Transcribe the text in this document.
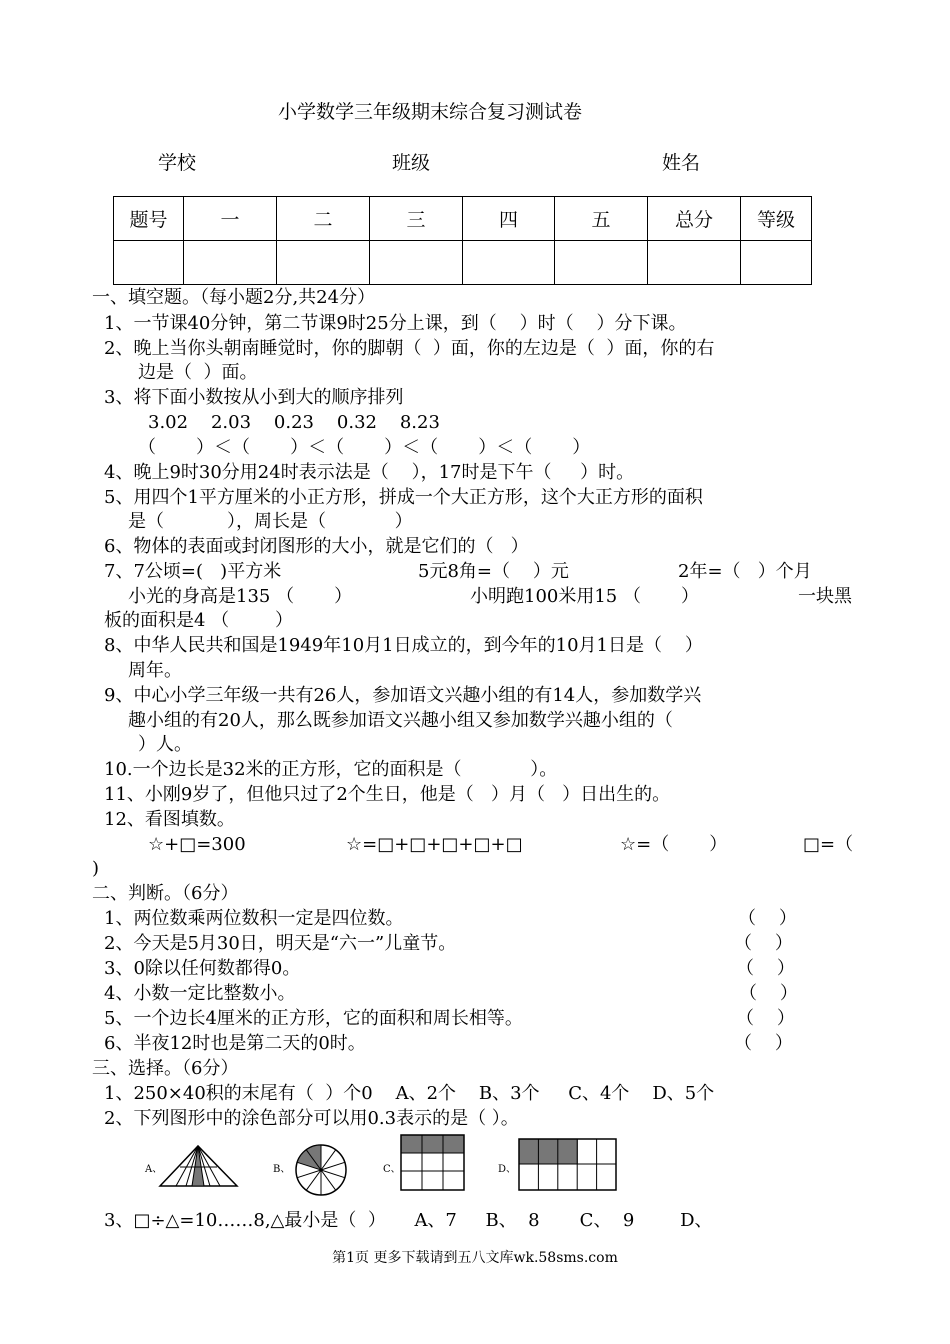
小学数学三年级期末综合复习测试卷
学校	班级	姓名
题号	一	二	三	四	五	总分	等级

一、填空题。（每小题2分,共24分）
1、一节课40分钟，第二节课9时25分上课，到（    ）时（    ）分下课。
2、晚上当你头朝南睡觉时，你的脚朝（  ）面，你的左边是（  ）面，你的右
边是（  ）面。
3、将下面小数按从小到大的顺序排列
3.02    2.03    0.23    0.32    8.23
（       ）＜（       ）＜（       ）＜（       ）＜（       ）
4、晚上9时30分用24时表示法是（    ），17时是下午（     ）时。
5、用四个1平方厘米的小正方形，拼成一个大正方形，这个大正方形的面积
是（           ），周长是（            ）
6、物体的表面或封闭图形的大小，就是它们的（   ）
7、7公顷=(   )平方米	5元8角=（    ）元	2年=（   ）个月
小光的身高是135 （       ）	小明跑100米用15 （       ）	一块黑
板的面积是4 （        ）
8、中华人民共和国是1949年10月1日成立的，到今年的10月1日是（    ）
周年。
9、中心小学三年级一共有26人，参加语文兴趣小组的有14人，参加数学兴
趣小组的有20人，那么既参加语文兴趣小组又参加数学兴趣小组的（
）人。
10.一个边长是32米的正方形，它的面积是（            ）。
11、小刚9岁了，但他只过了2个生日，他是（   ）月（   ）日出生的。
12、看图填数。
☆+□=300	☆=□+□+□+□+□	☆=（       ）	□=（
)
二、判断。（6分）
1、两位数乘两位数积一定是四位数。	（    ）
2、今天是5月30日，明天是“六一”儿童节。	（    ）
3、0除以任何数都得0。	（    ）
4、小数一定比整数小。	（    ）
5、一个边长4厘米的正方形，它的面积和周长相等。	（    ）
6、半夜12时也是第二天的0时。	（    ）
三、选择。（6分）
1、250×40积的末尾有（  ）个0    A、2个    B、3个     C、4个    D、5个
2、下列图形中的涂色部分可以用0.3表示的是（ ）。
A、	B、	C、	D、
3、□÷△=10……8,△最小是（  ）     A、7     B、  8       C、  9        D、
第1页 更多下载请到五八文库wk.58sms.com
